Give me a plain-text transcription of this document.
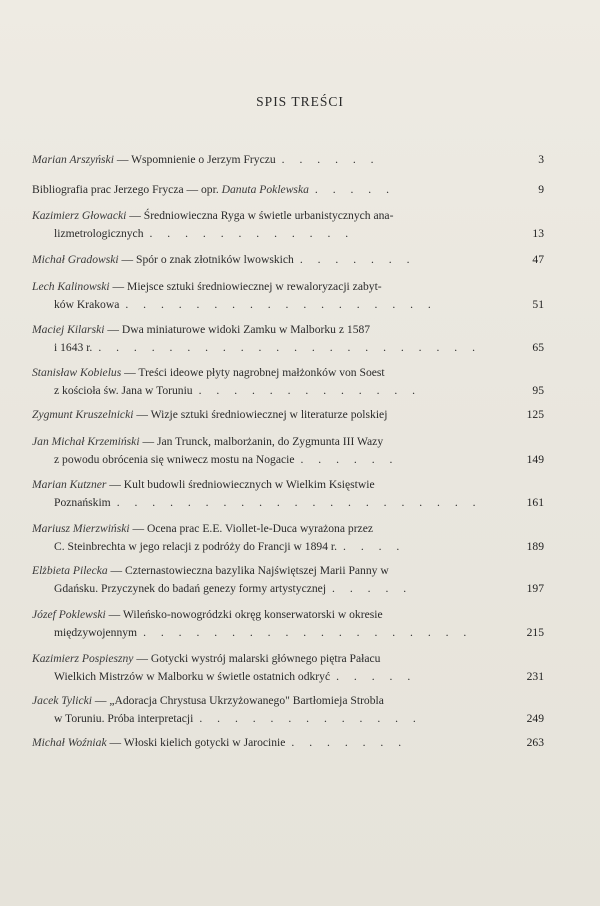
SPIS TREŚCI
Marian Arszyński — Wspomnienie o Jerzym Fryczu . . . . . .	3
Bibliografia prac Jerzego Frycza — opr. Danuta Poklewska . . . . .	9
Kazimierz Głowacki — Średniowieczna Ryga w świetle urbanistycznych ana-
lizmetrologicznych . . . . . . . . . . . .	13
Michał Gradowski — Spór o znak złotników lwowskich . . . . . . .	47
Lech Kalinowski — Miejsce sztuki średniowiecznej w rewaloryzacji zabyt-
ków Krakowa . . . . . . . . . . . . . . . . . .	51
Maciej Kilarski — Dwa miniaturowe widoki Zamku w Malborku z 1587
i 1643 r. . . . . . . . . . . . . . . . . . . . . . .	65
Stanisław Kobielus — Treści ideowe płyty nagrobnej małżonków von Soest
z kościoła św. Jana w Toruniu . . . . . . . . . . . . .	95
Zygmunt Kruszelnicki — Wizje sztuki średniowiecznej w literaturze polskiej	125
Jan Michał Krzemiński — Jan Trunck, malborżanin, do Zygmunta III Wazy
z powodu obrócenia się wniwecz mostu na Nogacie . . . . . .	149
Marian Kutzner — Kult budowli średniowiecznych w Wielkim Księstwie
Poznańskim . . . . . . . . . . . . . . . . . . . . .	161
Mariusz Mierzwiński — Ocena prac E.E. Viollet-le-Duca wyrażona przez
C. Steinbrechta w jego relacji z podróży do Francji w 1894 r. . . . .	189
Elżbieta Pilecka — Czternastowieczna bazylika Najświętszej Marii Panny w
Gdańsku. Przyczynek do badań genezy formy artystycznej . . . . .	197
Józef Poklewski — Wileńsko-nowogródzki okręg konserwatorski w okresie
międzywojennym . . . . . . . . . . . . . . . . . . .	215
Kazimierz Pospieszny — Gotycki wystrój malarski głównego piętra Pałacu
Wielkich Mistrzów w Malborku w świetle ostatnich odkryć . . . . .	231
Jacek Tylicki — „Adoracja Chrystusa Ukrzyżowanego" Bartłomieja Strobla
w Toruniu. Próba interpretacji . . . . . . . . . . . . .	249
Michał Woźniak — Włoski kielich gotycki w Jarocinie . . . . . . .	263
